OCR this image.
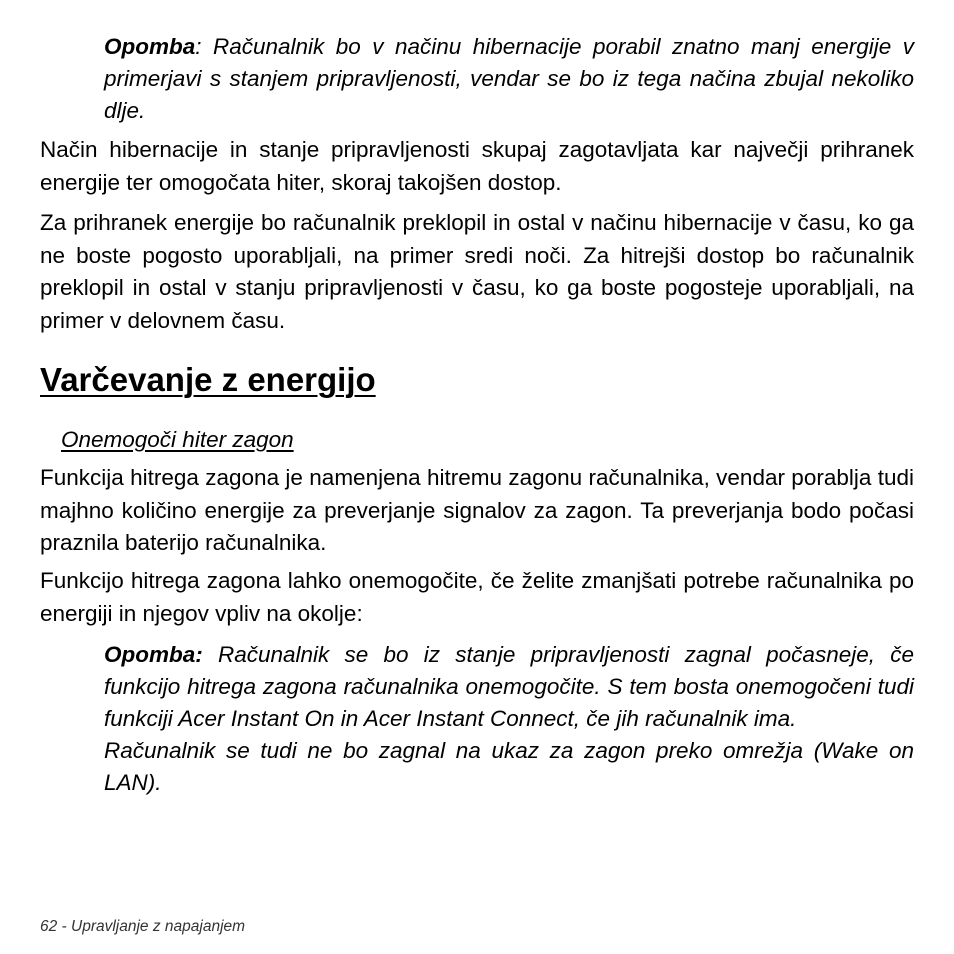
Opomba: Računalnik bo v načinu hibernacije porabil znatno manj energije v primerjavi s stanjem pripravljenosti, vendar se bo iz tega načina zbujal nekoliko dlje.
Način hibernacije in stanje pripravljenosti skupaj zagotavljata kar največji prihranek energije ter omogočata hiter, skoraj takojšen dostop.
Za prihranek energije bo računalnik preklopil in ostal v načinu hibernacije v času, ko ga ne boste pogosto uporabljali, na primer sredi noči. Za hitrejši dostop bo računalnik preklopil in ostal v stanju pripravljenosti v času, ko ga boste pogosteje uporabljali, na primer v delovnem času.
Varčevanje z energijo
Onemogoči hiter zagon
Funkcija hitrega zagona je namenjena hitremu zagonu računalnika, vendar porablja tudi majhno količino energije za preverjanje signalov za zagon. Ta preverjanja bodo počasi praznila baterijo računalnika.
Funkcijo hitrega zagona lahko onemogočite, če želite zmanjšati potrebe računalnika po energiji in njegov vpliv na okolje:
Opomba: Računalnik se bo iz stanje pripravljenosti zagnal počasneje, če funkcijo hitrega zagona računalnika onemogočite. S tem bosta onemogočeni tudi funkciji Acer Instant On in Acer Instant Connect, če jih računalnik ima.
Računalnik se tudi ne bo zagnal na ukaz za zagon preko omrežja (Wake on LAN).
62 - Upravljanje z napajanjem
